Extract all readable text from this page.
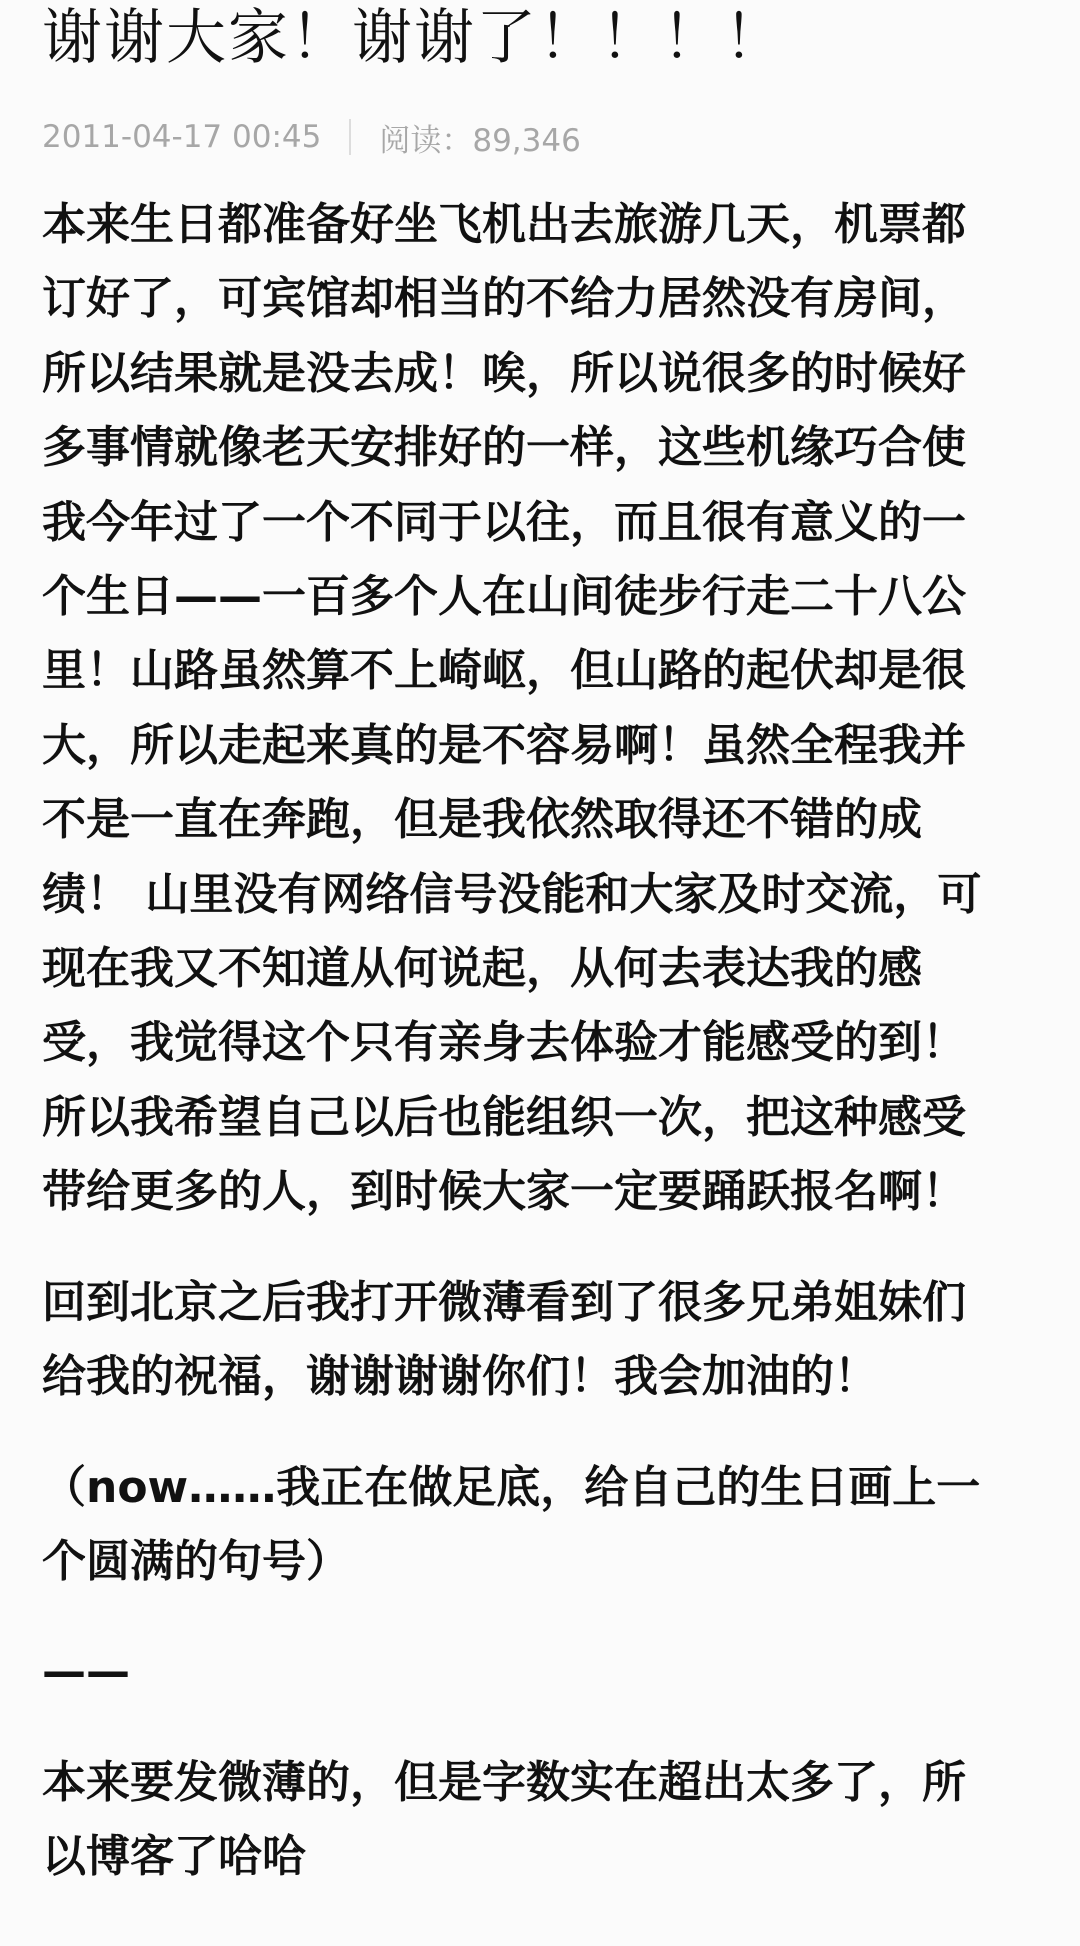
谢谢大家！谢谢了！！！！
2011-04-17 00:45 阅读：89,346

本来生日都准备好坐飞机出去旅游几天，机票都
订好了，可宾馆却相当的不给力居然没有房间，
所以结果就是没去成！唉，所以说很多的时候好
多事情就像老天安排好的一样，这些机缘巧合使
我今年过了一个不同于以往，而且很有意义的一
个生日——一百多个人在山间徒步行走二十八公
里！山路虽然算不上崎岖，但山路的起伏却是很
大，所以走起来真的是不容易啊！虽然全程我并
不是一直在奔跑，但是我依然取得还不错的成
绩！ 山里没有网络信号没能和大家及时交流，可
现在我又不知道从何说起，从何去表达我的感
受，我觉得这个只有亲身去体验才能感受的到！
所以我希望自己以后也能组织一次，把这种感受
带给更多的人，到时候大家一定要踊跃报名啊！

回到北京之后我打开微薄看到了很多兄弟姐妹们
给我的祝福，谢谢谢谢你们！我会加油的！

（now……我正在做足底，给自己的生日画上一
个圆满的句号）

——

本来要发微薄的，但是字数实在超出太多了，所
以博客了哈哈
